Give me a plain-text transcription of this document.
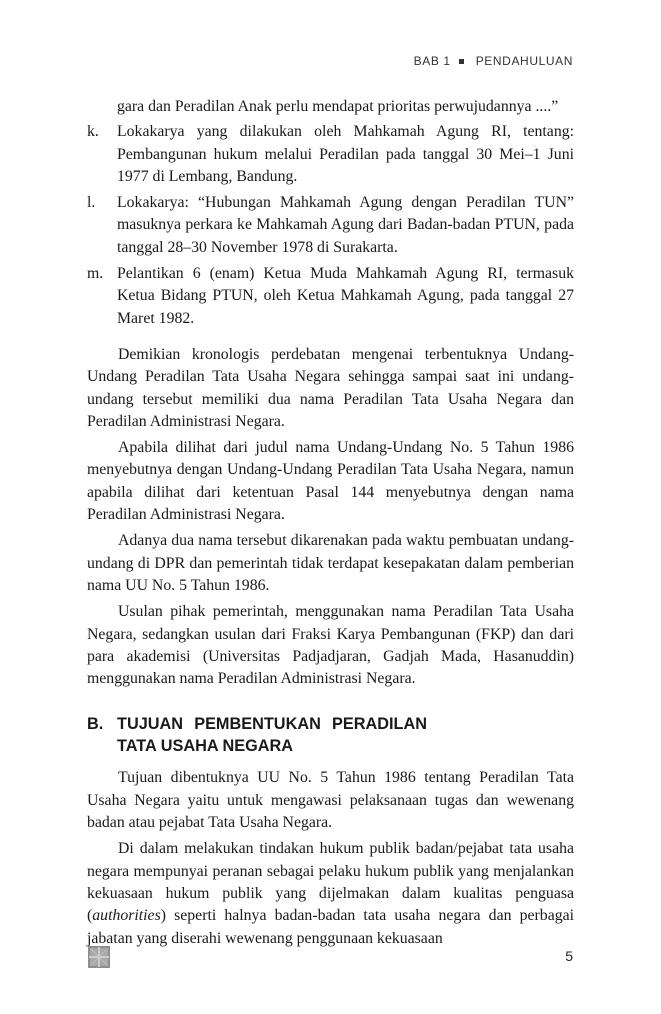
BAB 1 PENDAHULUAN

gara dan Peradilan Anak perlu mendapat prioritas perwujudannya ....”

k.	Lokakarya yang dilakukan oleh Mahkamah Agung RI, tentang: Pembangunan hukum melalui Peradilan pada tanggal 30 Mei–1 Juni 1977 di Lembang, Bandung.
l.	Lokakarya: “Hubungan Mahkamah Agung dengan Peradilan TUN” masuknya perkara ke Mahkamah Agung dari Badan-badan PTUN, pada tanggal 28–30 November 1978 di Surakarta.
m. Pelantikan 6 (enam) Ketua Muda Mahkamah Agung RI, termasuk Ketua Bidang PTUN, oleh Ketua Mahkamah Agung, pada tanggal 27 Maret 1982.

Demikian kronologis perdebatan mengenai terbentuknya Undang-Undang Peradilan Tata Usaha Negara sehingga sampai saat ini undang-undang tersebut memiliki dua nama Peradilan Tata Usaha Negara dan Peradilan Administrasi Negara.

Apabila dilihat dari judul nama Undang-Undang No. 5 Tahun 1986 menyebutnya dengan Undang-Undang Peradilan Tata Usaha Negara, namun apabila dilihat dari ketentuan Pasal 144 menyebutnya dengan nama Peradilan Administrasi Negara.

Adanya dua nama tersebut dikarenakan pada waktu pembuatan undang-undang di DPR dan pemerintah tidak terdapat kesepakatan dalam pemberian nama UU No. 5 Tahun 1986.

Usulan pihak pemerintah, menggunakan nama Peradilan Tata Usaha Negara, sedangkan usulan dari Fraksi Karya Pembangunan (FKP) dan dari para akademisi (Universitas Padjadjaran, Gadjah Mada, Hasanuddin) menggunakan nama Peradilan Administrasi Negara.

B. TUJUAN PEMBENTUKAN PERADILAN TATA USAHA NEGARA

Tujuan dibentuknya UU No. 5 Tahun 1986 tentang Peradilan Tata Usaha Negara yaitu untuk mengawasi pelaksanaan tugas dan wewenang badan atau pejabat Tata Usaha Negara.

Di dalam melakukan tindakan hukum publik badan/pejabat tata usaha negara mempunyai peranan sebagai pelaku hukum publik yang menjalankan kekuasaan hukum publik yang dijelmakan dalam kualitas penguasa (authorities) seperti halnya badan-badan tata usaha negara dan perbagai jabatan yang diserahi wewenang penggunaan kekuasaan

5
